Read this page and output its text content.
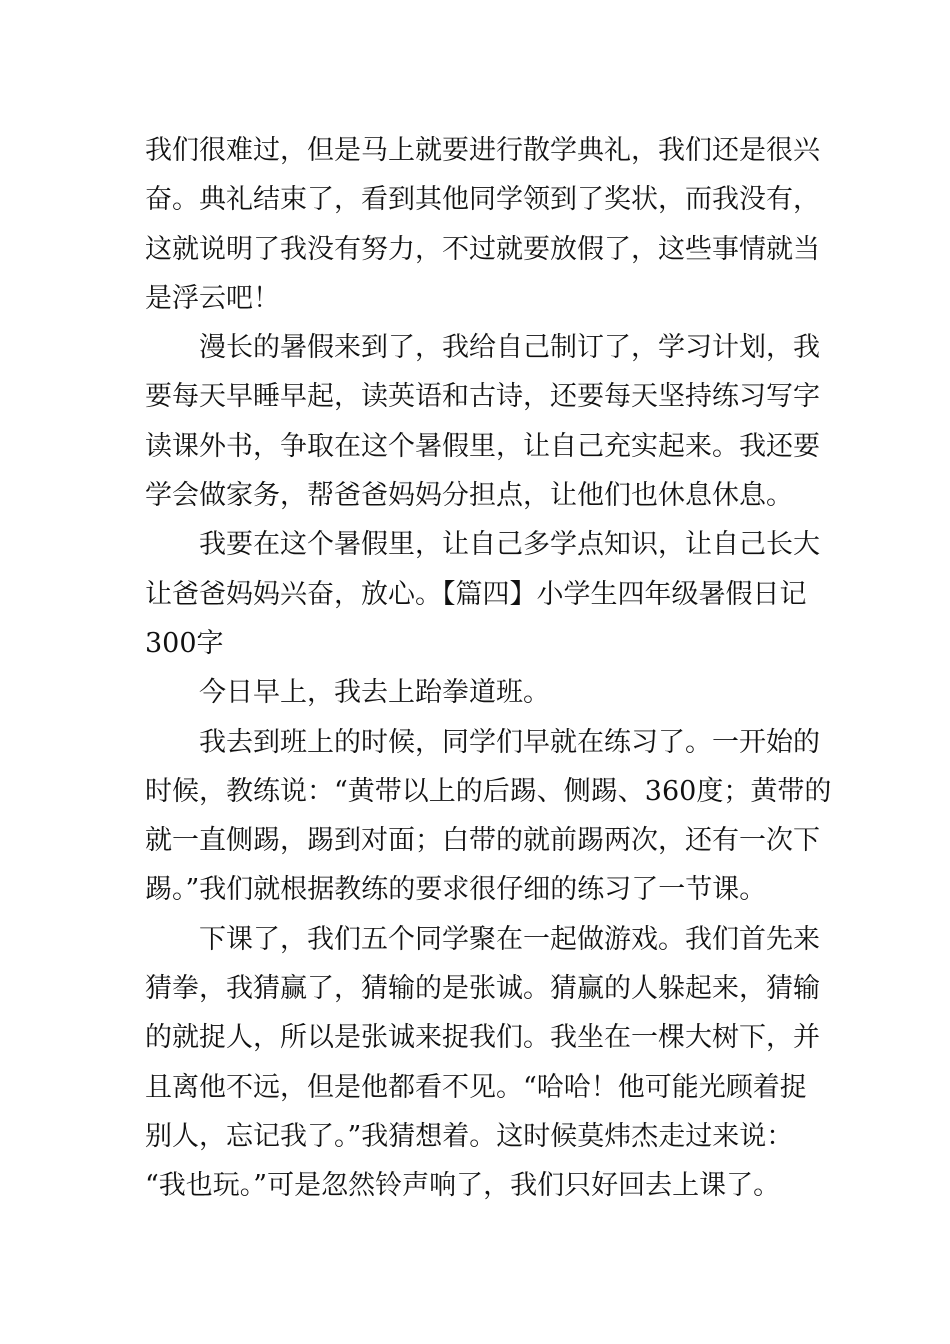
我们很难过，但是马上就要进行散学典礼，我们还是很兴
奋。典礼结束了，看到其他同学领到了奖状，而我没有，
这就说明了我没有努力，不过就要放假了，这些事情就当
是浮云吧！
漫长的暑假来到了，我给自己制订了，学习计划，我
要每天早睡早起，读英语和古诗，还要每天坚持练习写字
读课外书，争取在这个暑假里，让自己充实起来。我还要
学会做家务，帮爸爸妈妈分担点，让他们也休息休息。
我要在这个暑假里，让自己多学点知识，让自己长大
让爸爸妈妈兴奋，放心。【篇四】小学生四年级暑假日记
300字
今日早上，我去上跆拳道班。
我去到班上的时候，同学们早就在练习了。一开始的
时候，教练说：“黄带以上的后踢、侧踢、360度；黄带的
就一直侧踢，踢到对面；白带的就前踢两次，还有一次下
踢。”我们就根据教练的要求很仔细的练习了一节课。
下课了，我们五个同学聚在一起做游戏。我们首先来
猜拳，我猜赢了，猜输的是张诚。猜赢的人躲起来，猜输
的就捉人，所以是张诚来捉我们。我坐在一棵大树下，并
且离他不远，但是他都看不见。“哈哈！他可能光顾着捉
别人，忘记我了。”我猜想着。这时候莫炜杰走过来说：
“我也玩。”可是忽然铃声响了，我们只好回去上课了。
